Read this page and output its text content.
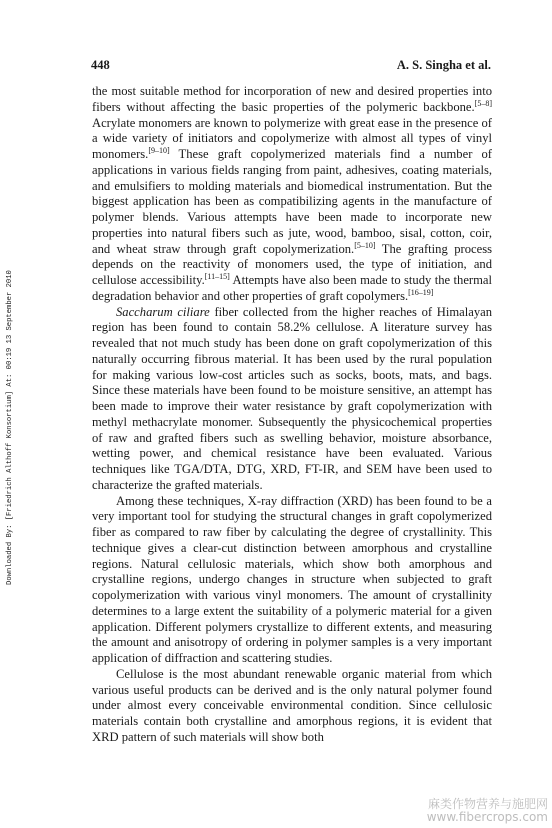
448	A. S. Singha et al.
Downloaded By: [Friedrich Althoff Konsortium] At: 00:19 13 September 2010

the most suitable method for incorporation of new and desired properties into fibers without affecting the basic properties of the polymeric backbone.[5–8] Acrylate monomers are known to polymerize with great ease in the presence of a wide variety of initiators and copolymerize with almost all types of vinyl monomers.[9–10] These graft copolymerized materials find a number of applications in various fields ranging from paint, adhesives, coating materials, and emulsifiers to molding materials and biomedical instrumentation. But the biggest application has been as compatibilizing agents in the manufacture of polymer blends. Various attempts have been made to incorporate new properties into natural fibers such as jute, wood, bamboo, sisal, cotton, coir, and wheat straw through graft copolymerization.[5–10] The grafting process depends on the reactivity of monomers used, the type of initiation, and cellulose accessibility.[11–15] Attempts have also been made to study the thermal degradation behavior and other properties of graft copolymers.[16–19]

Saccharum ciliare fiber collected from the higher reaches of Himalayan region has been found to contain 58.2% cellulose. A literature survey has revealed that not much study has been done on graft copolymerization of this naturally occurring fibrous material. It has been used by the rural population for making various low-cost articles such as socks, boots, mats, and bags. Since these materials have been found to be moisture sensitive, an attempt has been made to improve their water resistance by graft copolymerization with methyl methacrylate monomer. Subsequently the physicochemical properties of raw and grafted fibers such as swelling behavior, moisture absorbance, wetting power, and chemical resistance have been evaluated. Various techniques like TGA/DTA, DTG, XRD, FT-IR, and SEM have been used to characterize the grafted materials.

Among these techniques, X-ray diffraction (XRD) has been found to be a very important tool for studying the structural changes in graft copolymerized fiber as compared to raw fiber by calculating the degree of crystallinity. This technique gives a clear-cut distinction between amorphous and crystalline regions. Natural cellulosic materials, which show both amorphous and crystalline regions, undergo changes in structure when subjected to graft copolymerization with various vinyl monomers. The amount of crystallinity determines to a large extent the suitability of a polymeric material for a given application. Different polymers crystallize to different extents, and measuring the amount and anisotropy of ordering in polymer samples is a very important application of diffraction and scattering studies.

Cellulose is the most abundant renewable organic material from which various useful products can be derived and is the only natural polymer found under almost every conceivable environmental condition. Since cellulosic materials contain both crystalline and amorphous regions, it is evident that XRD pattern of such materials will show both

麻类作物营养与施肥网
www.fibercrops.com
